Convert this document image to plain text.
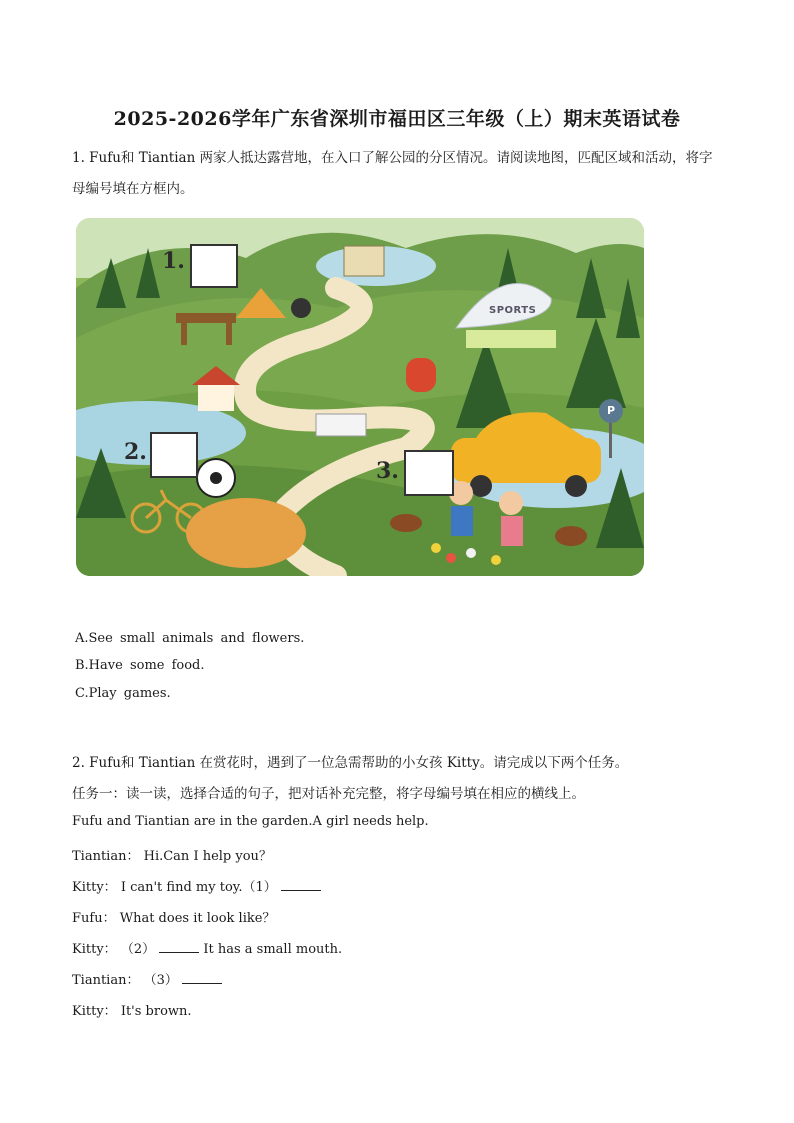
2025-2026学年广东省深圳市福田区三年级（上）期末英语试卷
1. Fufu和 Tiantian 两家人抵达露营地，在入口了解公园的分区情况。请阅读地图，匹配区域和活动，将字
母编号填在方框内。
1.
2.
3.
SPORTS
P
A.See small animals and flowers.
B.Have some food.
C.Play games.
2. Fufu和 Tiantian 在赏花时，遇到了一位急需帮助的小女孩 Kitty。请完成以下两个任务。
任务一：读一读，选择合适的句子，把对话补充完整，将字母编号填在相应的横线上。
Fufu and Tiantian are in the garden.A girl needs help.
Tiantian： Hi.Can I help you？
Kitty： I can't find my toy.（1）
Fufu： What does it look like？
Kitty： （2）	It has a small mouth.
Tiantian： （3）
Kitty： It's brown.
